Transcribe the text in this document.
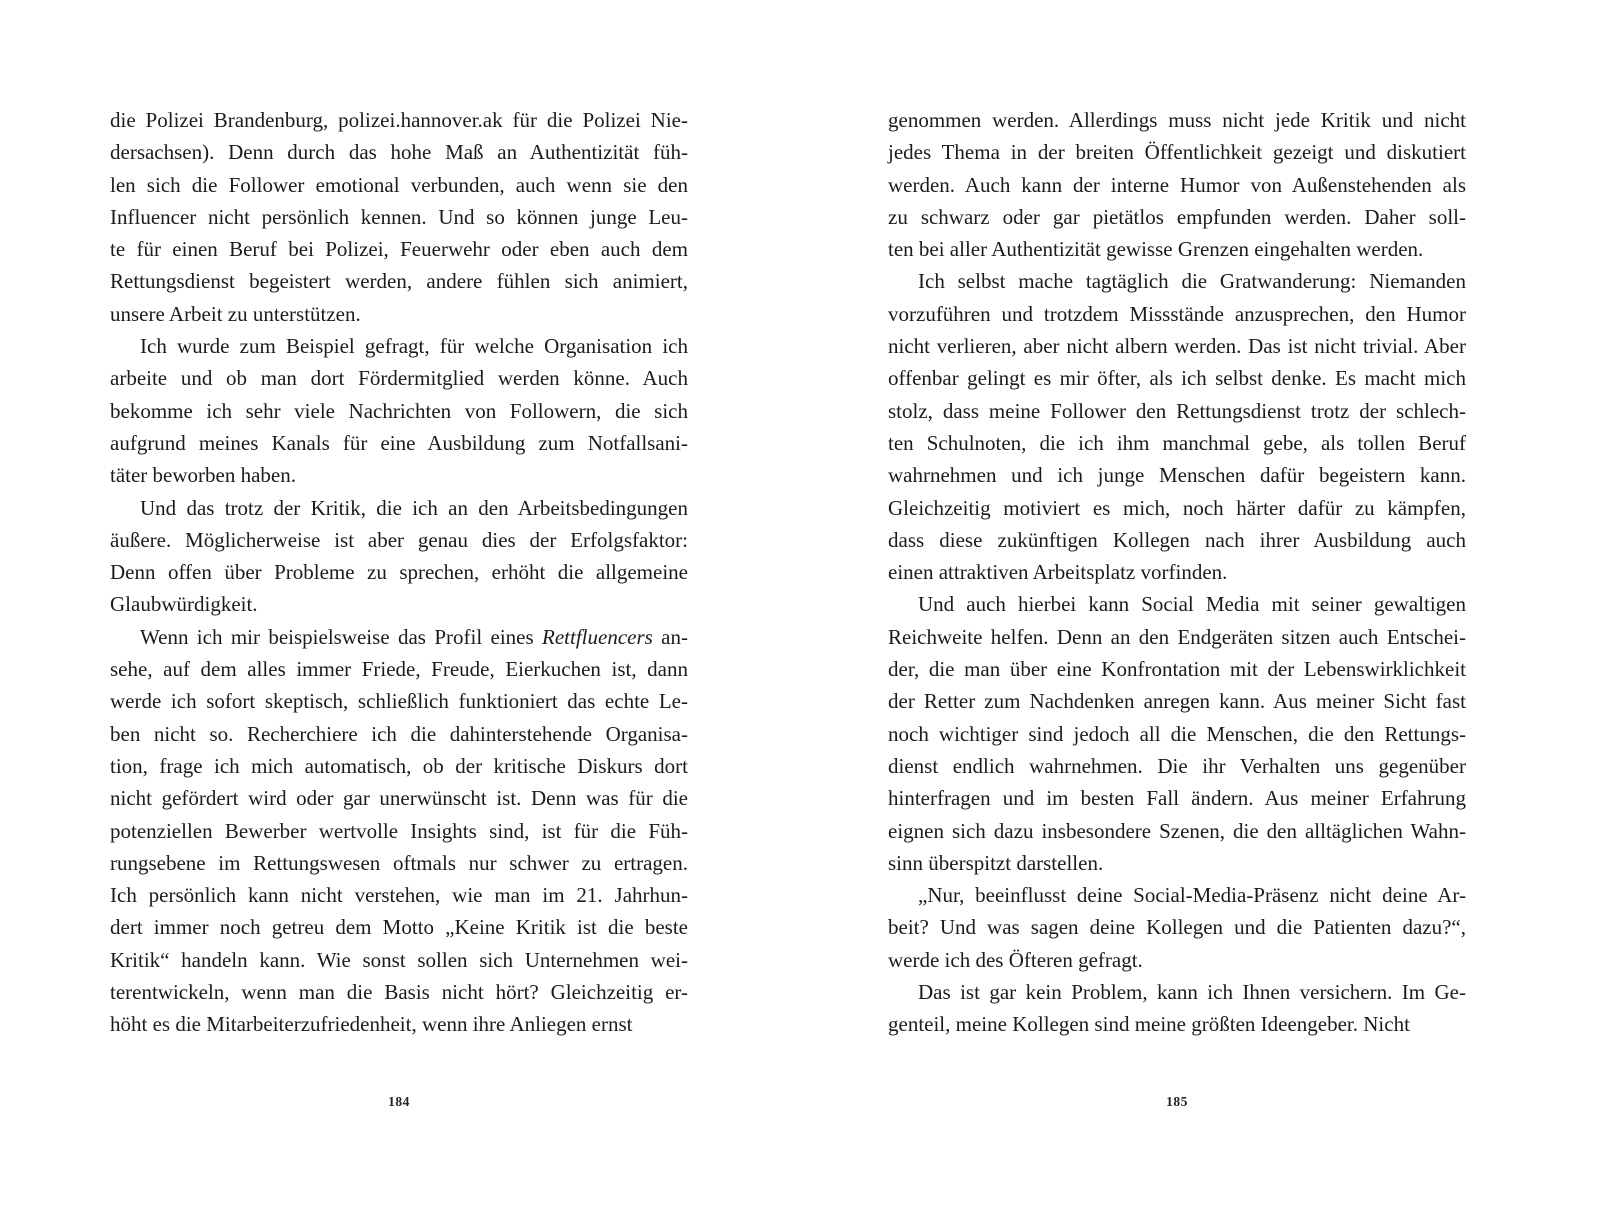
die Polizei Brandenburg, polizei.hannover.ak für die Polizei Nie-
dersachsen). Denn durch das hohe Maß an Authentizität füh-
len sich die Follower emotional verbunden, auch wenn sie den
Influencer nicht persönlich kennen. Und so können junge Leu-
te für einen Beruf bei Polizei, Feuerwehr oder eben auch dem
Rettungsdienst begeistert werden, andere fühlen sich animiert,
unsere Arbeit zu unterstützen.
Ich wurde zum Beispiel gefragt, für welche Organisation ich
arbeite und ob man dort Fördermitglied werden könne. Auch
bekomme ich sehr viele Nachrichten von Followern, die sich
aufgrund meines Kanals für eine Ausbildung zum Notfallsani-
täter beworben haben.
Und das trotz der Kritik, die ich an den Arbeitsbedingungen
äußere. Möglicherweise ist aber genau dies der Erfolgsfaktor:
Denn offen über Probleme zu sprechen, erhöht die allgemeine
Glaubwürdigkeit.
Wenn ich mir beispielsweise das Profil eines Rettfluencers an-
sehe, auf dem alles immer Friede, Freude, Eierkuchen ist, dann
werde ich sofort skeptisch, schließlich funktioniert das echte Le-
ben nicht so. Recherchiere ich die dahinterstehende Organisa-
tion, frage ich mich automatisch, ob der kritische Diskurs dort
nicht gefördert wird oder gar unerwünscht ist. Denn was für die
potenziellen Bewerber wertvolle Insights sind, ist für die Füh-
rungsebene im Rettungswesen oftmals nur schwer zu ertragen.
Ich persönlich kann nicht verstehen, wie man im 21. Jahrhun-
dert immer noch getreu dem Motto „Keine Kritik ist die beste
Kritik“ handeln kann. Wie sonst sollen sich Unternehmen wei-
terentwickeln, wenn man die Basis nicht hört? Gleichzeitig er-
höht es die Mitarbeiterzufriedenheit, wenn ihre Anliegen ernst
184
genommen werden. Allerdings muss nicht jede Kritik und nicht
jedes Thema in der breiten Öffentlichkeit gezeigt und diskutiert
werden. Auch kann der interne Humor von Außenstehenden als
zu schwarz oder gar pietätlos empfunden werden. Daher soll-
ten bei aller Authentizität gewisse Grenzen eingehalten werden.
Ich selbst mache tagtäglich die Gratwanderung: Niemanden
vorzuführen und trotzdem Missstände anzusprechen, den Humor
nicht verlieren, aber nicht albern werden. Das ist nicht trivial. Aber
offenbar gelingt es mir öfter, als ich selbst denke. Es macht mich
stolz, dass meine Follower den Rettungsdienst trotz der schlech-
ten Schulnoten, die ich ihm manchmal gebe, als tollen Beruf
wahrnehmen und ich junge Menschen dafür begeistern kann.
Gleichzeitig motiviert es mich, noch härter dafür zu kämpfen,
dass diese zukünftigen Kollegen nach ihrer Ausbildung auch
einen attraktiven Arbeitsplatz vorfinden.
Und auch hierbei kann Social Media mit seiner gewaltigen
Reichweite helfen. Denn an den Endgeräten sitzen auch Entschei-
der, die man über eine Konfrontation mit der Lebenswirklichkeit
der Retter zum Nachdenken anregen kann. Aus meiner Sicht fast
noch wichtiger sind jedoch all die Menschen, die den Rettungs-
dienst endlich wahrnehmen. Die ihr Verhalten uns gegenüber
hinterfragen und im besten Fall ändern. Aus meiner Erfahrung
eignen sich dazu insbesondere Szenen, die den alltäglichen Wahn-
sinn überspitzt darstellen.
„Nur, beeinflusst deine Social-Media-Präsenz nicht deine Ar-
beit? Und was sagen deine Kollegen und die Patienten dazu?“,
werde ich des Öfteren gefragt.
Das ist gar kein Problem, kann ich Ihnen versichern. Im Ge-
genteil, meine Kollegen sind meine größten Ideengeber. Nicht
185
